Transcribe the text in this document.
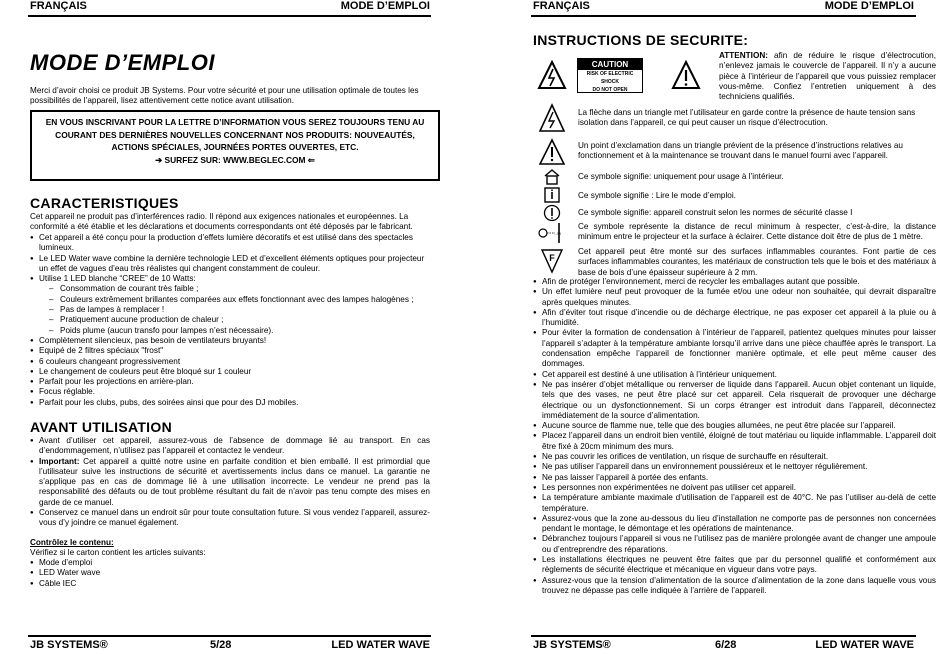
FRANÇAIS	MODE D’EMPLOI
MODE D’EMPLOI
Merci d’avoir choisi ce produit JB Systems. Pour votre sécurité et pour une utilisation optimale de toutes les possibilités de l’appareil, lisez attentivement cette notice avant utilisation.
EN VOUS INSCRIVANT POUR LA LETTRE D’INFORMATION VOUS SEREZ TOUJOURS TENU AU COURANT DES DERNIÈRES NOUVELLES CONCERNANT NOS PRODUITS: NOUVEAUTÉS, ACTIONS SPÉCIALES, JOURNÉES PORTES OUVERTES, ETC.
➔ SURFEZ SUR: WWW.BEGLEC.COM ⇐
CARACTERISTIQUES
Cet appareil ne produit pas d’interférences radio. Il répond aux exigences nationales et européennes. La conformité a été établie et les déclarations et documents correspondants ont été déposés par le fabricant.
● Cet appareil a été conçu pour la production d’effets lumière décoratifs et est utilisé dans des spectacles lumineux.
● Le LED Water wave combine la dernière technologie LED et d’excellent éléments optiques pour projecteur un effet de vagues d’eau très réalistes qui changent constamment de couleur.
● Utilise 1 LED blanche “CREE” de 10 Watts:
– Consommation de courant très faible ;
– Couleurs extrêmement brillantes comparées aux effets fonctionnant avec des lampes halogènes ;
– Pas de lampes à remplacer !
– Pratiquement aucune production de chaleur ;
– Poids plume (aucun transfo pour lampes n’est nécessaire).
● Complètement silencieux, pas besoin de ventilateurs bruyants!
● Equipé de 2 filtres spéciaux "frost"
● 6 couleurs changeant progressivement
● Le changement de couleurs peut être bloqué sur 1 couleur
● Parfait pour les projections en arrière-plan.
● Focus réglable.
● Parfait pour les clubs, pubs, des soirées ainsi que pour des DJ mobiles.
AVANT UTILISATION
● Avant d’utiliser cet appareil, assurez-vous de l’absence de dommage lié au transport. En cas d’endommagement, n’utilisez pas l’appareil et contactez le vendeur.
● Important: Cet appareil a quitté notre usine en parfaite condition et bien emballé. Il est primordial que l’utilisateur suive les instructions de sécurité et avertissements inclus dans ce manuel. La garantie ne s’applique pas en cas de dommage lié à une utilisation incorrecte. Le vendeur ne prend pas la responsabilité des défauts ou de tout problème résultant du fait de n’avoir pas tenu compte des mises en garde de ce manuel.
● Conservez ce manuel dans un endroit sûr pour toute consultation future. Si vous vendez l’appareil, assurez-vous d’y joindre ce manuel également.
Contrôlez le contenu:
Vérifiez si le carton contient les articles suivants:
● Mode d’emploi
● LED Water wave
● Câble IEC
JB SYSTEMS®	5/28	LED WATER WAVE
FRANÇAIS	MODE D’EMPLOI
INSTRUCTIONS DE SECURITE:
CAUTION
RISK OF ELECTRIC SHOCK
DO NOT OPEN
ATTENTION: afin de réduire le risque d’électrocution, n’enlevez jamais le couvercle de l’appareil. Il n’y a aucune pièce à l’intérieur de l’appareil que vous puissiez remplacer vous-même. Confiez l’entretien uniquement à des techniciens qualifiés.
La flèche dans un triangle met l’utilisateur en garde contre la présence de haute tension sans isolation dans l’appareil, ce qui peut causer un risque d’électrocution.
Un point d’exclamation dans un triangle prévient de la présence d’instructions relatives au fonctionnement et à la maintenance se trouvant dans le manuel fourni avec l’appareil.
Ce symbole signifie: uniquement pour usage à l’intérieur.
Ce symbole signifie : Lire le mode d’emploi.
Ce symbole signifie: appareil construit selon les normes de sécurité classe I
...M
Ce symbole représente la distance de recul minimum à respecter, c’est-à-dire, la distance minimum entre le projecteur et la surface à éclairer. Cette distance doit être de plus de 1 mètre.
F
Cet appareil peut être monté sur des surfaces inflammables courantes. Font partie de ces surfaces inflammables courantes, les matériaux de construction tels que le bois et des matériaux à base de bois d’une épaisseur supérieure à 2 mm.
● Afin de protéger l’environnement, merci de recycler les emballages autant que possible.
● Un effet lumière neuf peut provoquer de la fumée et/ou une odeur non souhaitée, qui devrait disparaître après quelques minutes.
● Afin d’éviter tout risque d’incendie ou de décharge électrique, ne pas exposer cet appareil à la pluie ou à l’humidité.
● Pour éviter la formation de condensation à l’intérieur de l’appareil, patientez quelques minutes pour laisser l’appareil s’adapter à la température ambiante lorsqu’il arrive dans une pièce chauffée après le transport. La condensation empêche l’appareil de fonctionner manière optimale, et elle peut même causer des dommages.
● Cet appareil est destiné à une utilisation à l’intérieur uniquement.
● Ne pas insérer d’objet métallique ou renverser de liquide dans l’appareil. Aucun objet contenant un liquide, tels que des vases, ne peut être placé sur cet appareil. Cela risquerait de provoquer une décharge électrique ou un dysfonctionnement. Si un corps étranger est introduit dans l’appareil, déconnectez immédiatement de la source d’alimentation.
● Aucune source de flamme nue, telle que des bougies allumées, ne peut être placée sur l’appareil.
● Placez l’appareil dans un endroit bien ventilé, éloigné de tout matériau ou liquide inflammable. L’appareil doit être fixé à 20cm minimum des murs.
● Ne pas couvrir les orifices de ventilation, un risque de surchauffe en résulterait.
● Ne pas utiliser l’appareil dans un environnement poussiéreux et le nettoyer régulièrement.
● Ne pas laisser l’appareil à portée des enfants.
● Les personnes non expérimentées ne doivent pas utiliser cet appareil.
● La température ambiante maximale d’utilisation de l’appareil est de 40°C. Ne pas l’utiliser au-delà de cette température.
● Assurez-vous que la zone au-dessous du lieu d’installation ne comporte pas de personnes non concernées pendant le montage, le démontage et les opérations de maintenance.
● Débranchez toujours l’appareil si vous ne l’utilisez pas de manière prolongée avant de changer une ampoule ou d’entreprendre des réparations.
● Les installations électriques ne peuvent être faites que par du personnel qualifié et conformément aux règlements de sécurité électrique et mécanique en vigueur dans votre pays.
● Assurez-vous que la tension d’alimentation de la source d’alimentation de la zone dans laquelle vous vous trouvez ne dépasse pas celle indiquée à l’arrière de l’appareil.
JB SYSTEMS®	6/28	LED WATER WAVE
